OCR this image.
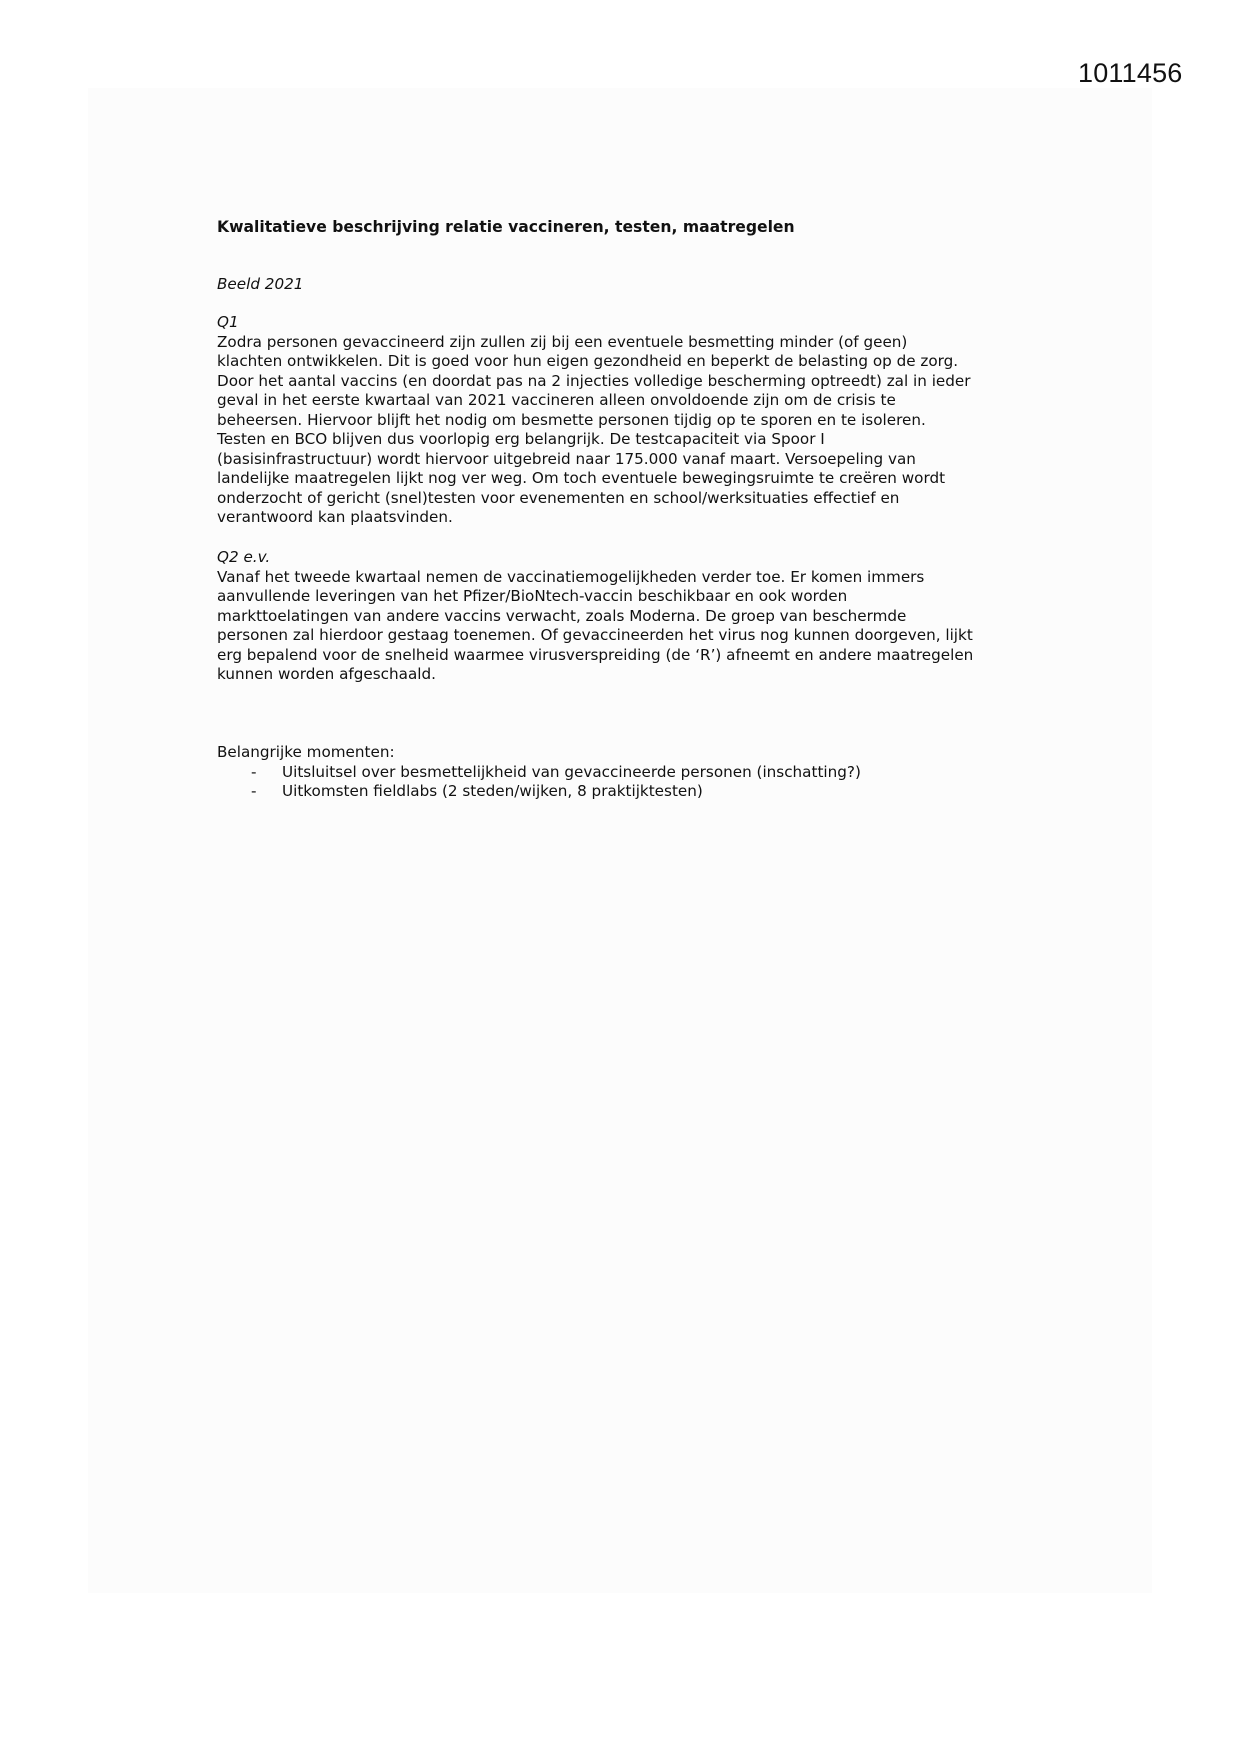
1011456
Kwalitatieve beschrijving relatie vaccineren, testen, maatregelen
Beeld 2021
Q1
Zodra personen gevaccineerd zijn zullen zij bij een eventuele besmetting minder (of geen)
klachten ontwikkelen. Dit is goed voor hun eigen gezondheid en beperkt de belasting op de zorg.
Door het aantal vaccins (en doordat pas na 2 injecties volledige bescherming optreedt) zal in ieder
geval in het eerste kwartaal van 2021 vaccineren alleen onvoldoende zijn om de crisis te
beheersen. Hiervoor blijft het nodig om besmette personen tijdig op te sporen en te isoleren.
Testen en BCO blijven dus voorlopig erg belangrijk. De testcapaciteit via Spoor I
(basisinfrastructuur) wordt hiervoor uitgebreid naar 175.000 vanaf maart. Versoepeling van
landelijke maatregelen lijkt nog ver weg. Om toch eventuele bewegingsruimte te creëren wordt
onderzocht of gericht (snel)testen voor evenementen en school/werksituaties effectief en
verantwoord kan plaatsvinden.
Q2 e.v.
Vanaf het tweede kwartaal nemen de vaccinatiemogelijkheden verder toe. Er komen immers
aanvullende leveringen van het Pfizer/BioNtech-vaccin beschikbaar en ook worden
markttoelatingen van andere vaccins verwacht, zoals Moderna. De groep van beschermde
personen zal hierdoor gestaag toenemen. Of gevaccineerden het virus nog kunnen doorgeven, lijkt
erg bepalend voor de snelheid waarmee virusverspreiding (de ‘R’) afneemt en andere maatregelen
kunnen worden afgeschaald.
Belangrijke momenten:
- Uitsluitsel over besmettelijkheid van gevaccineerde personen (inschatting?)
- Uitkomsten fieldlabs (2 steden/wijken, 8 praktijktesten)
